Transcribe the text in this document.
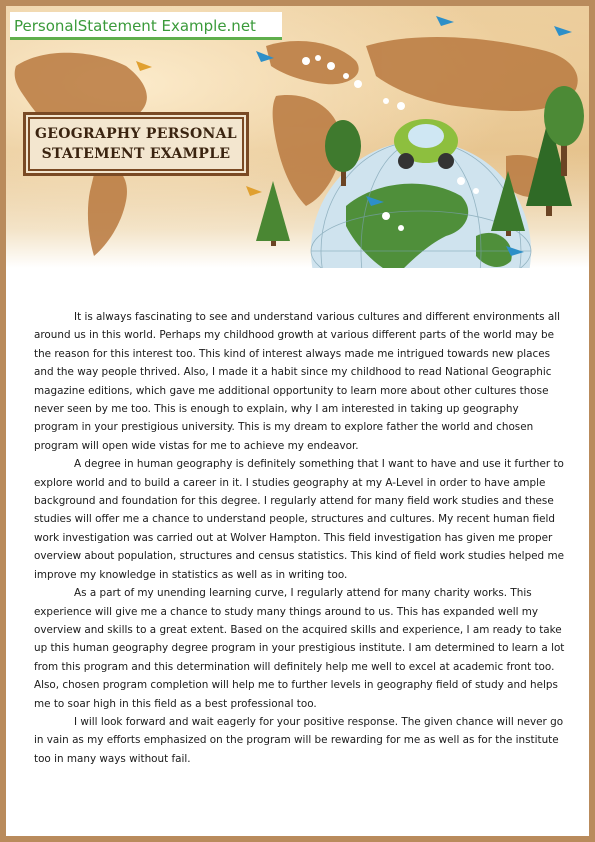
PersonalStatement Example.net
GEOGRAPHY PERSONAL
STATEMENT EXAMPLE

It is always fascinating to see and understand various cultures and different environments all around us in this world. Perhaps my childhood growth at various different parts of the world may be the reason for this interest too. This kind of interest always made me intrigued towards new places and the way people thrived. Also, I made it a habit since my childhood to read National Geographic magazine editions, which gave me additional opportunity to learn more about other cultures those never seen by me too. This is enough to explain, why I am interested in taking up geography program in your prestigious university. This is my dream to explore father the world and chosen program will open wide vistas for me to achieve my endeavor.

A degree in human geography is definitely something that I want to have and use it further to explore world and to build a career in it. I studies geography at my A-Level in order to have ample background and foundation for this degree. I regularly attend for many field work studies and these studies will offer me a chance to understand people, structures and cultures. My recent human field work investigation was carried out at Wolver Hampton. This field investigation has given me proper overview about population, structures and census statistics. This kind of field work studies helped me improve my knowledge in statistics as well as in writing too.

As a part of my unending learning curve, I regularly attend for many charity works. This experience will give me a chance to study many things around to us. This has expanded well my overview and skills to a great extent. Based on the acquired skills and experience, I am ready to take up this human geography degree program in your prestigious institute. I am determined to learn a lot from this program and this determination will definitely help me well to excel at academic front too. Also, chosen program completion will help me to further levels in geography field of study and helps me to soar high in this field as a best professional too.

I will look forward and wait eagerly for your positive response. The given chance will never go in vain as my efforts emphasized on the program will be rewarding for me as well as for the institute too in many ways without fail.
